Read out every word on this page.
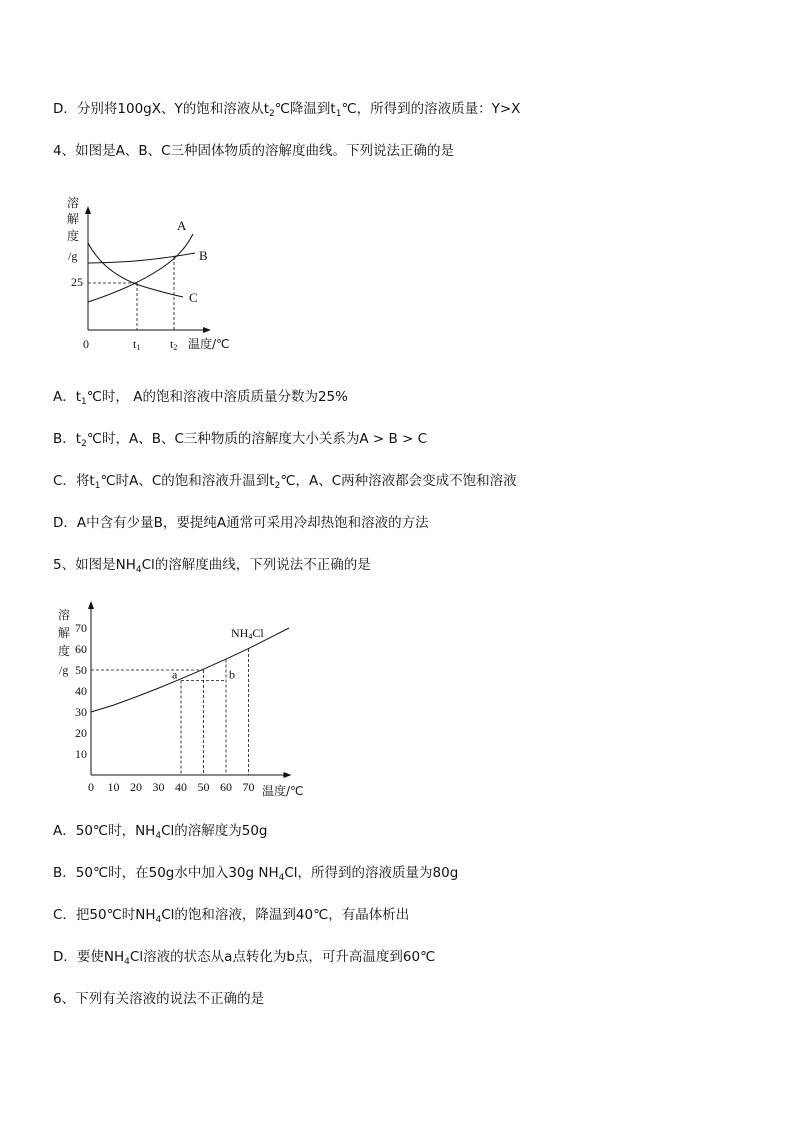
D．分别将100gX、Y的饱和溶液从$t_2℃$降温到$t_1℃$，所得到的溶液质量：Y>X
4、如图是A、B、C三种固体物质的溶解度曲线。下列说法正确的是
溶
解
度
/g
25
0	t1 t2 温度/℃
A
B
C
A．$t_1℃$时， A的饱和溶液中溶质质量分数为25%
B．$t_2℃$时，A、B、C三种物质的溶解度大小关系为A > B > C
C．将$t_1℃$时A、C的饱和溶液升温到$t_2℃$，A、C两种溶液都会变成不饱和溶液
D．A中含有少量B，要提纯A通常可采用冷却热饱和溶液的方法
5、如图是$NH_4Cl$的溶解度曲线，下列说法不正确的是
a	b
10
20
30
40
50
60
70
0 10 20 30 40 50 60 70
溶
解
度
/g
温度/℃
NH4Cl
A．50℃时，$NH_4Cl$的溶解度为50g
B．50℃时，在50g水中加入30g $NH_4Cl$，所得到的溶液质量为80g
C．把50℃时$NH_4Cl$的饱和溶液，降温到40℃，有晶体析出
D．要使$NH_4Cl$溶液的状态从a点转化为b点，可升高温度到60℃
6、下列有关溶液的说法不正确的是
